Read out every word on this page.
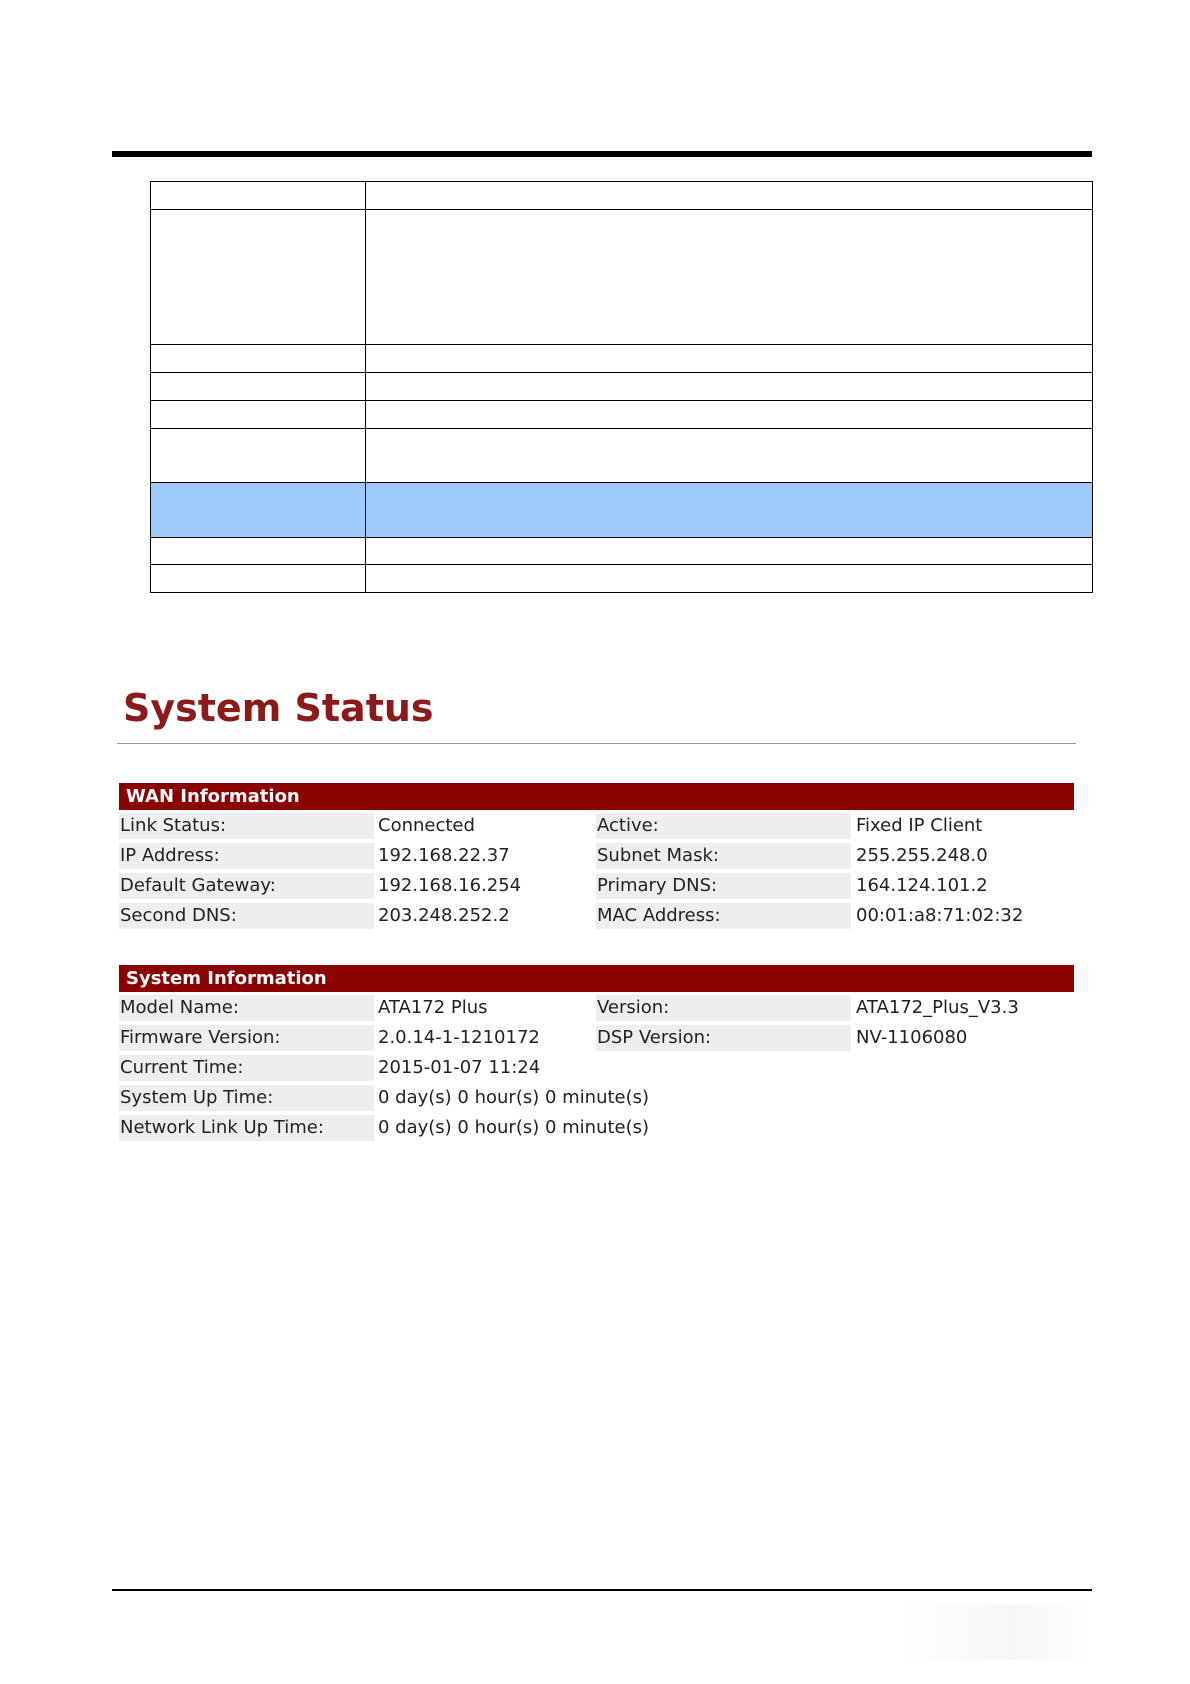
System Status
WAN Information
Link Status:	Connected	Active:	Fixed IP Client
IP Address:	192.168.22.37	Subnet Mask:	255.255.248.0
Default Gateway:	192.168.16.254	Primary DNS:	164.124.101.2
Second DNS:	203.248.252.2	MAC Address:	00:01:a8:71:02:32
System Information
Model Name:	ATA172 Plus	Version:	ATA172_Plus_V3.3
Firmware Version:	2.0.14-1-1210172	DSP Version:	NV-1106080
Current Time:	2015-01-07 11:24
System Up Time:	0 day(s) 0 hour(s) 0 minute(s)
Network Link Up Time:	0 day(s) 0 hour(s) 0 minute(s)
